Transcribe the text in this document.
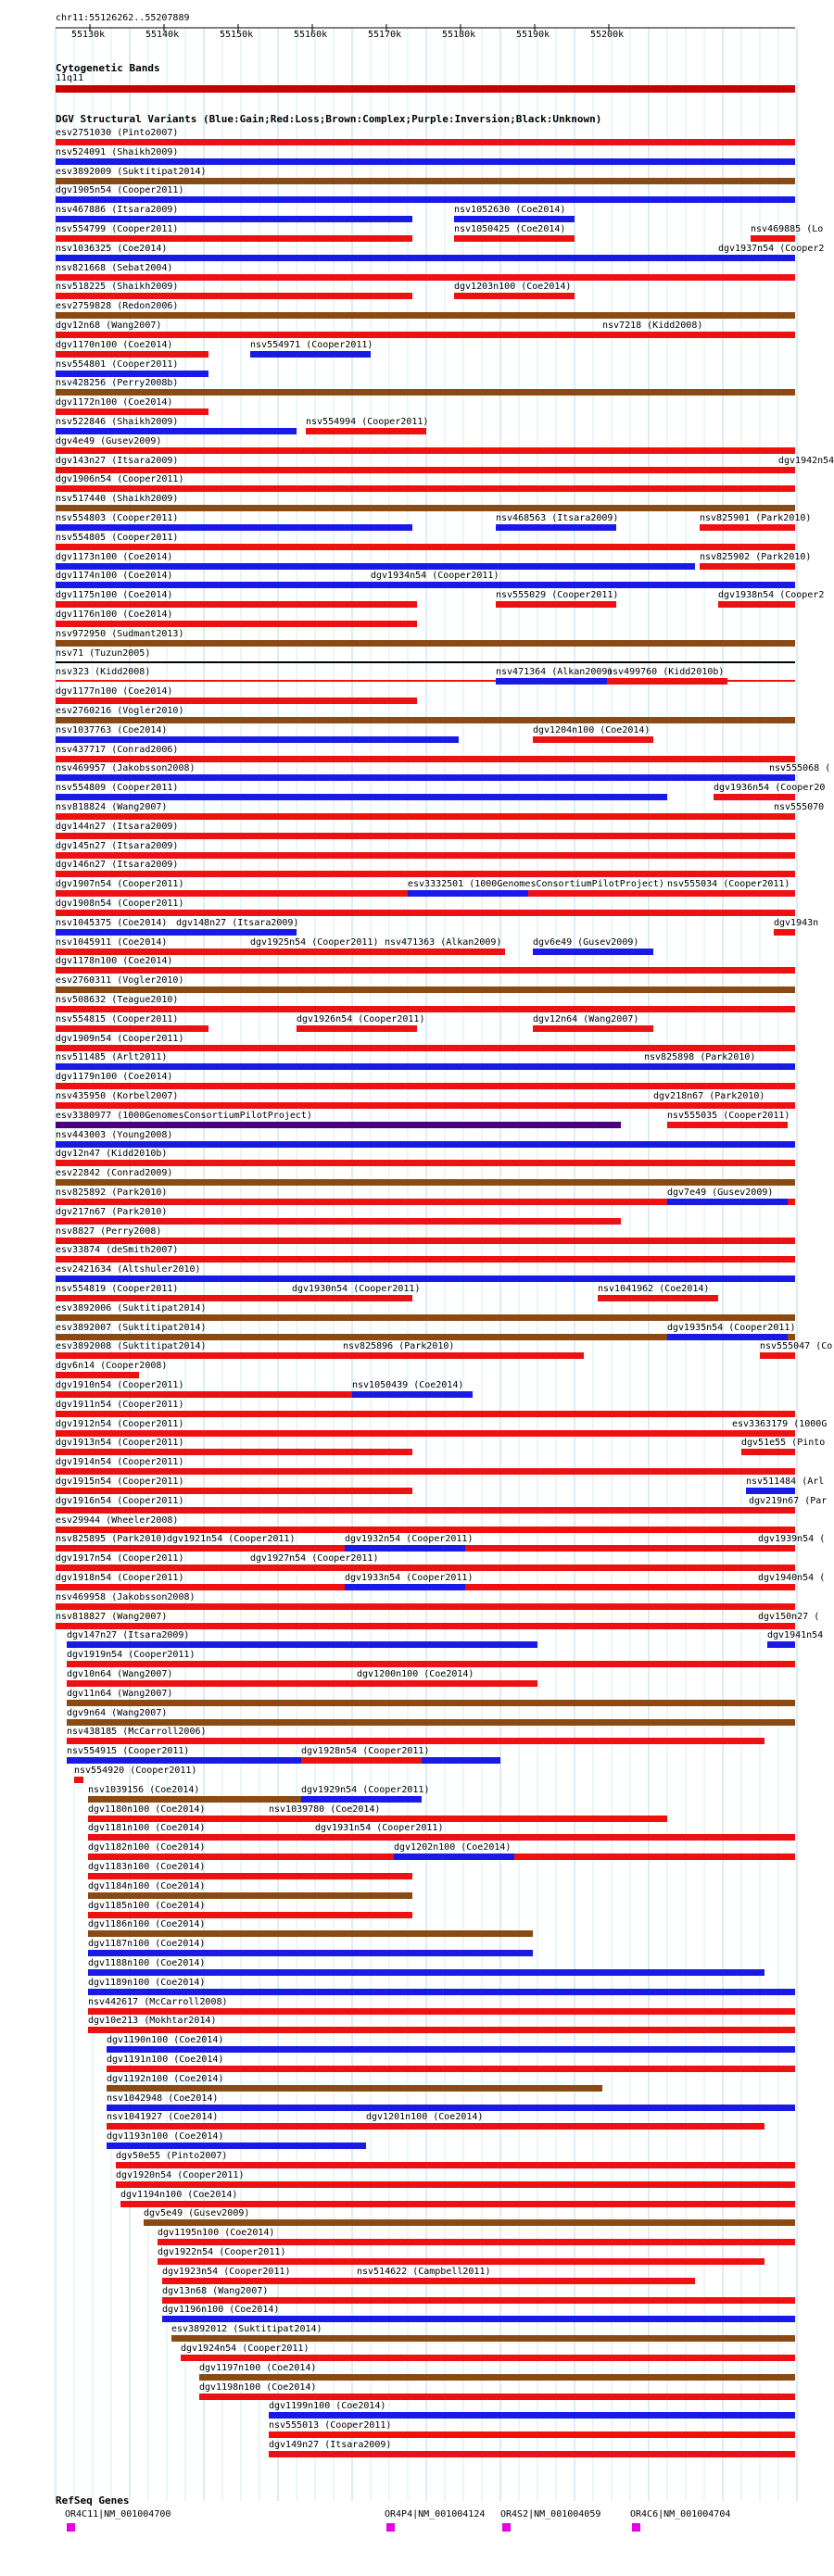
chr11:55126262..55207889
55130k	55140k	55150k	55160k	55170k	55180k	55190k	55200k
Cytogenetic Bands
11q11
DGV Structural Variants (Blue:Gain;Red:Loss;Brown:Complex;Purple:Inversion;Black:Unknown)
esv2751030 (Pinto2007)
nsv524091 (Shaikh2009)
esv3892009 (Suktitipat2014)
dgv1905n54 (Cooper2011)
nsv467886 (Itsara2009)
nsv554799 (Cooper2011)
nsv1036325 (Coe2014)
nsv821668 (Sebat2004)
nsv518225 (Shaikh2009)
esv2759828 (Redon2006)
dgv12n68 (Wang2007)
dgv1170n100 (Coe2014)
nsv554801 (Cooper2011)
nsv428256 (Perry2008b)
dgv1172n100 (Coe2014)
nsv522846 (Shaikh2009)
dgv4e49 (Gusev2009)
dgv143n27 (Itsara2009)
dgv1906n54 (Cooper2011)
nsv517440 (Shaikh2009)
nsv554803 (Cooper2011)
nsv554805 (Cooper2011)
dgv1173n100 (Coe2014)
dgv1174n100 (Coe2014)
dgv1175n100 (Coe2014)
dgv1176n100 (Coe2014)
nsv972950 (Sudmant2013)
nsv71 (Tuzun2005)
nsv323 (Kidd2008)
dgv1177n100 (Coe2014)
esv2760216 (Vogler2010)
nsv1037763 (Coe2014)
nsv437717 (Conrad2006)
nsv469957 (Jakobsson2008)
nsv554809 (Cooper2011)
nsv818824 (Wang2007)
dgv144n27 (Itsara2009)
dgv145n27 (Itsara2009)
dgv146n27 (Itsara2009)
dgv1907n54 (Cooper2011)
dgv1908n54 (Cooper2011)
nsv1045375 (Coe2014)
nsv1045911 (Coe2014)
dgv1178n100 (Coe2014)
esv2760311 (Vogler2010)
nsv508632 (Teague2010)
nsv554815 (Cooper2011)
dgv1909n54 (Cooper2011)
nsv511485 (Arlt2011)
dgv1179n100 (Coe2014)
nsv435950 (Korbel2007)
esv3380977 (1000GenomesConsortiumPilotProject)
nsv443003 (Young2008)
dgv12n47 (Kidd2010b)
esv22842 (Conrad2009)
nsv825892 (Park2010)
dgv217n67 (Park2010)
nsv8827 (Perry2008)
esv33874 (deSmith2007)
esv2421634 (Altshuler2010)
nsv554819 (Cooper2011)
esv3892006 (Suktitipat2014)
esv3892007 (Suktitipat2014)
esv3892008 (Suktitipat2014)
dgv6n14 (Cooper2008)
dgv1910n54 (Cooper2011)
dgv1911n54 (Cooper2011)
dgv1912n54 (Cooper2011)
dgv1913n54 (Cooper2011)
dgv1914n54 (Cooper2011)
dgv1915n54 (Cooper2011)
dgv1916n54 (Cooper2011)
esv29944 (Wheeler2008)
nsv825895 (Park2010)
dgv1917n54 (Cooper2011)
dgv1918n54 (Cooper2011)
nsv469958 (Jakobsson2008)
nsv818827 (Wang2007)
dgv147n27 (Itsara2009)
dgv1919n54 (Cooper2011)
dgv10n64 (Wang2007)
dgv11n64 (Wang2007)
dgv9n64 (Wang2007)
nsv438185 (McCarroll2006)
nsv554915 (Cooper2011)
nsv554920 (Cooper2011)
nsv1039156 (Coe2014)
dgv1180n100 (Coe2014)
dgv1181n100 (Coe2014)
dgv1182n100 (Coe2014)
dgv1183n100 (Coe2014)
dgv1184n100 (Coe2014)
dgv1185n100 (Coe2014)
dgv1186n100 (Coe2014)
dgv1187n100 (Coe2014)
dgv1188n100 (Coe2014)
dgv1189n100 (Coe2014)
nsv442617 (McCarroll2008)
dgv10e213 (Mokhtar2014)
dgv1190n100 (Coe2014)
dgv1191n100 (Coe2014)
dgv1192n100 (Coe2014)
nsv1042948 (Coe2014)
nsv1041927 (Coe2014)
dgv1193n100 (Coe2014)
dgv50e55 (Pinto2007)
dgv1920n54 (Cooper2011)
dgv1194n100 (Coe2014)
dgv5e49 (Gusev2009)
dgv1195n100 (Coe2014)
dgv1922n54 (Cooper2011)
dgv1923n54 (Cooper2011)
dgv13n68 (Wang2007)
dgv1196n100 (Coe2014)
esv3892012 (Suktitipat2014)
dgv1924n54 (Cooper2011)
dgv1197n100 (Coe2014)
dgv1198n100 (Coe2014)
dgv1199n100 (Coe2014)
nsv555013 (Cooper2011)
dgv149n27 (Itsara2009)
nsv1052630 (Coe2014)
nsv1050425 (Coe2014)	nsv469885 (Lo
dgv1937n54 (Cooper2
dgv1203n100 (Coe2014)
nsv7218 (Kidd2008)
nsv554971 (Cooper2011)
nsv554994 (Cooper2011)
dgv1942n54
nsv468563 (Itsara2009)	nsv825901 (Park2010)
nsv825902 (Park2010)
dgv1934n54 (Cooper2011)
nsv555029 (Cooper2011)	dgv1938n54 (Cooper2
nsv471364 (Alkan2009)
nsv499760 (Kidd2010b)
dgv1204n100 (Coe2014)
nsv555068 (
dgv1936n54 (Cooper20
nsv555070
esv3332501 (1000GenomesConsortiumPilotProject) nsv555034 (Cooper2011)
dgv1943n
dgv148n27 (Itsara2009)
dgv1925n54 (Cooper2011) nsv471363 (Alkan2009)	dgv6e49 (Gusev2009)
dgv1926n54 (Cooper2011)	dgv12n64 (Wang2007)
nsv825898 (Park2010)
dgv218n67 (Park2010)
nsv555035 (Cooper2011)
dgv7e49 (Gusev2009)
dgv1930n54 (Cooper2011)	nsv1041962 (Coe2014)
dgv1935n54 (Cooper2011)
nsv825896 (Park2010)	nsv555047 (Co
nsv1050439 (Coe2014)
esv3363179 (1000G
dgv51e55 (Pinto
nsv511484 (Arl
dgv219n67 (Par
dgv1921n54 (Cooper2011)	dgv1932n54 (Cooper2011)	dgv1939n54 (
dgv1927n54 (Cooper2011)
dgv1933n54 (Cooper2011)	dgv1940n54 (
dgv150n27 (
dgv1941n54
dgv1200n100 (Coe2014)
dgv1928n54 (Cooper2011)
dgv1929n54 (Cooper2011)
nsv1039780 (Coe2014)
dgv1931n54 (Cooper2011)
dgv1202n100 (Coe2014)
dgv1201n100 (Coe2014)
nsv514622 (Campbell2011)
RefSeq Genes
OR4C11|NM_001004700	OR4P4|NM_001004124 OR4S2|NM_001004059	OR4C6|NM_001004704
